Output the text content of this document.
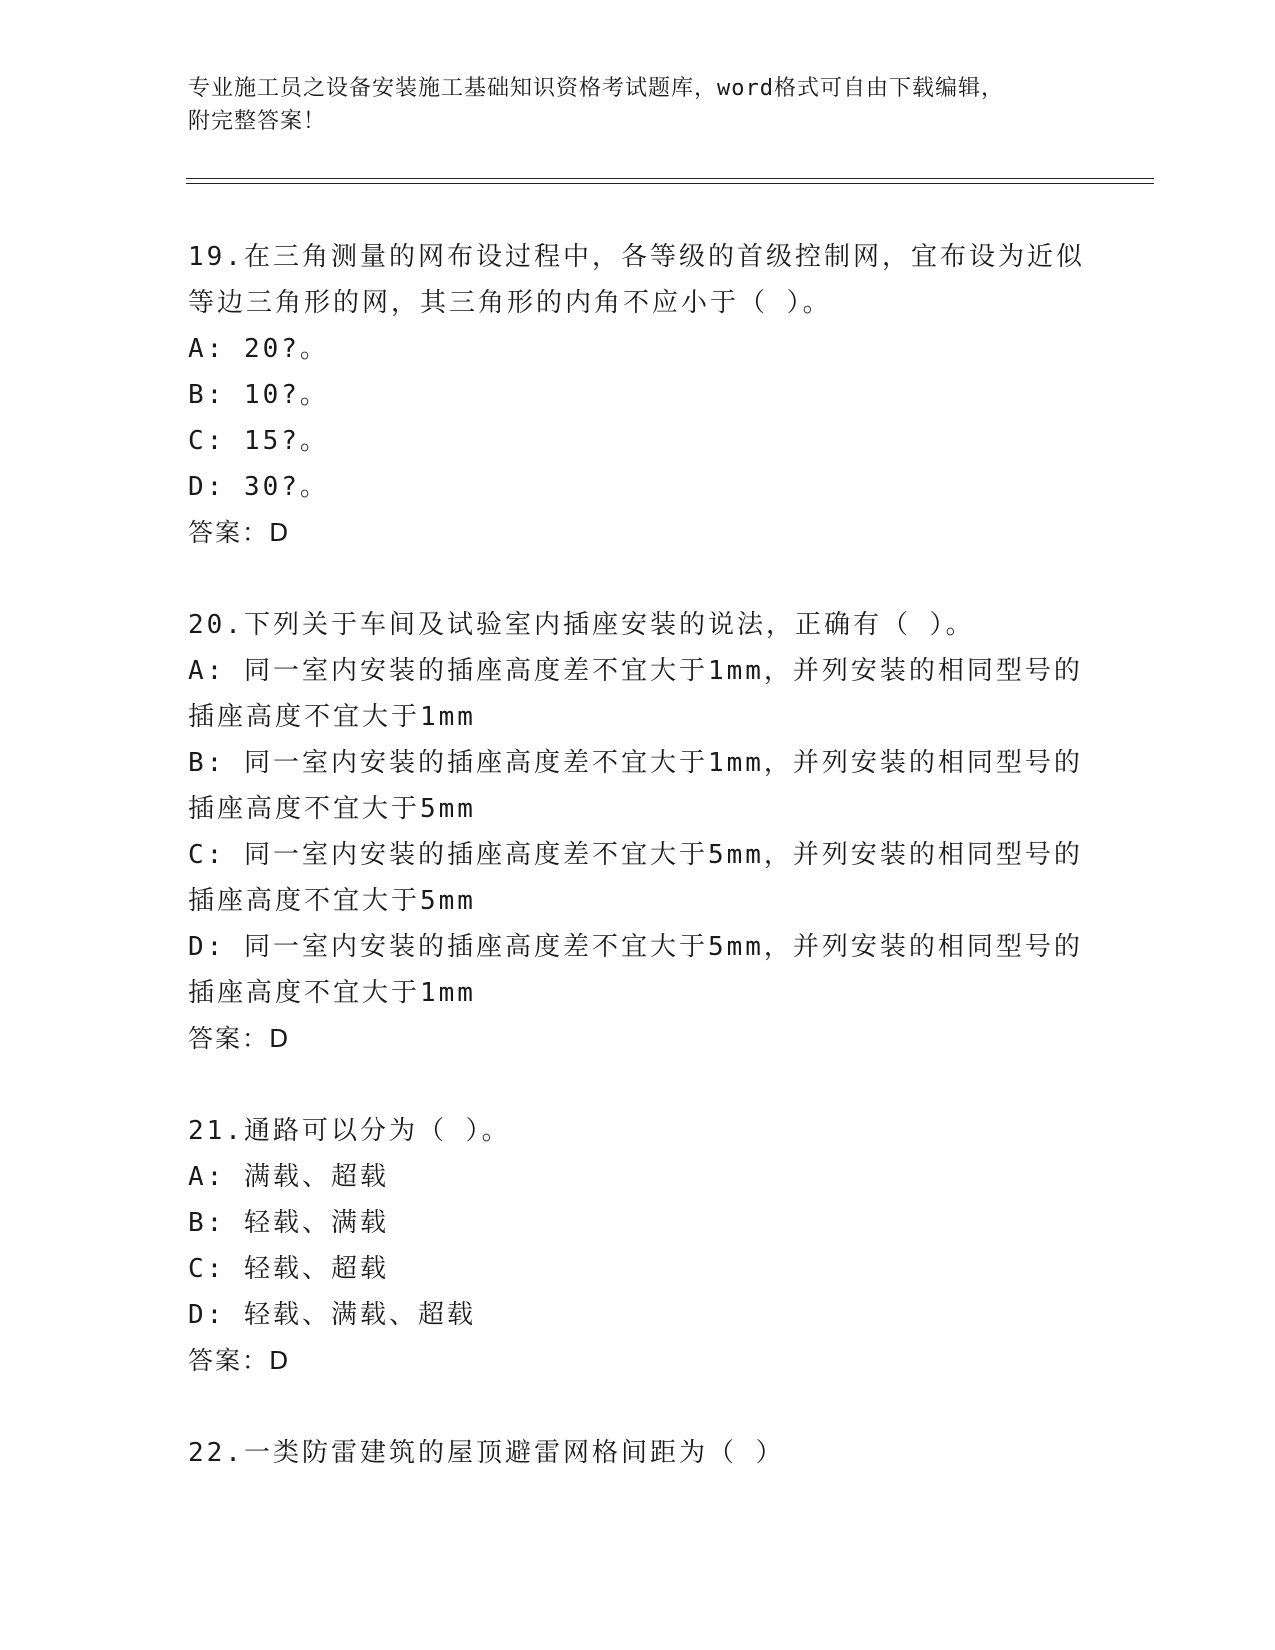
专业施工员之设备安装施工基础知识资格考试题库，word格式可自由下载编辑，
附完整答案！

19.在三角测量的网布设过程中，各等级的首级控制网，宜布设为近似

等边三角形的网，其三角形的内角不应小于（ ）。

A: 20?。

B: 10?。

C: 15?。

D: 30?。

答案：D

20.下列关于车间及试验室内插座安装的说法，正确有（ ）。

A: 同一室内安装的插座高度差不宜大于1mm，并列安装的相同型号的

插座高度不宜大于1mm

B: 同一室内安装的插座高度差不宜大于1mm，并列安装的相同型号的

插座高度不宜大于5mm

C: 同一室内安装的插座高度差不宜大于5mm，并列安装的相同型号的

插座高度不宜大于5mm

D: 同一室内安装的插座高度差不宜大于5mm，并列安装的相同型号的

插座高度不宜大于1mm

答案：D

21.通路可以分为（ ）。

A: 满载、超载

B: 轻载、满载

C: 轻载、超载

D: 轻载、满载、超载

答案：D

22.一类防雷建筑的屋顶避雷网格间距为（ ）
